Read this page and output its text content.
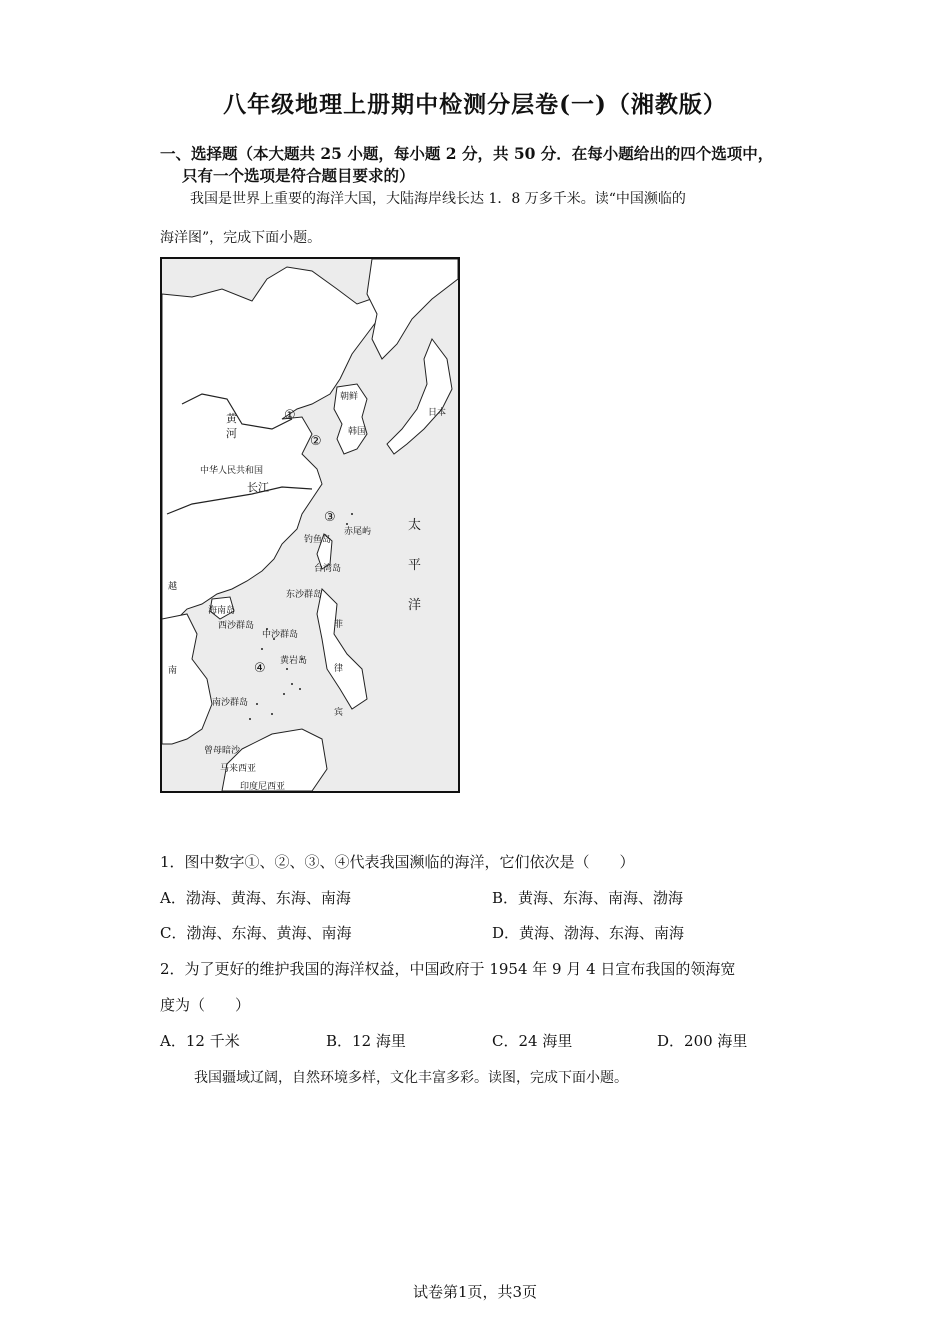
八年级地理上册期中检测分层卷(一)（湘教版）
一、选择题（本大题共 25 小题，每小题 2 分，共 50 分．在每小题给出的四个选项中，
只有一个选项是符合题目要求的）
我国是世界上重要的海洋大国，大陆海岸线长达 1．8 万多千米。读“中国濒临的
海洋图”，完成下面小题。
黄
河
中华人民共和国
长江
朝鲜
韩国
日本
太
平
洋
赤尾屿
钓鱼岛
台湾岛
东沙群岛
海南岛
西沙群岛
中沙群岛
黄岩岛
南沙群岛
曾母暗沙
马来西亚
印度尼西亚
菲
律
宾
越
南
①
②
③
④
1．图中数字①、②、③、④代表我国濒临的海洋，它们依次是（　　）
A．渤海、黄海、东海、南海	B．黄海、东海、南海、渤海
C．渤海、东海、黄海、南海	D．黄海、渤海、东海、南海
2．为了更好的维护我国的海洋权益，中国政府于 1954 年 9 月 4 日宣布我国的领海宽
度为（　　）
A．12 千米	B．12 海里	C．24 海里	D．200 海里
我国疆域辽阔，自然环境多样，文化丰富多彩。读图，完成下面小题。
试卷第1页，共3页
